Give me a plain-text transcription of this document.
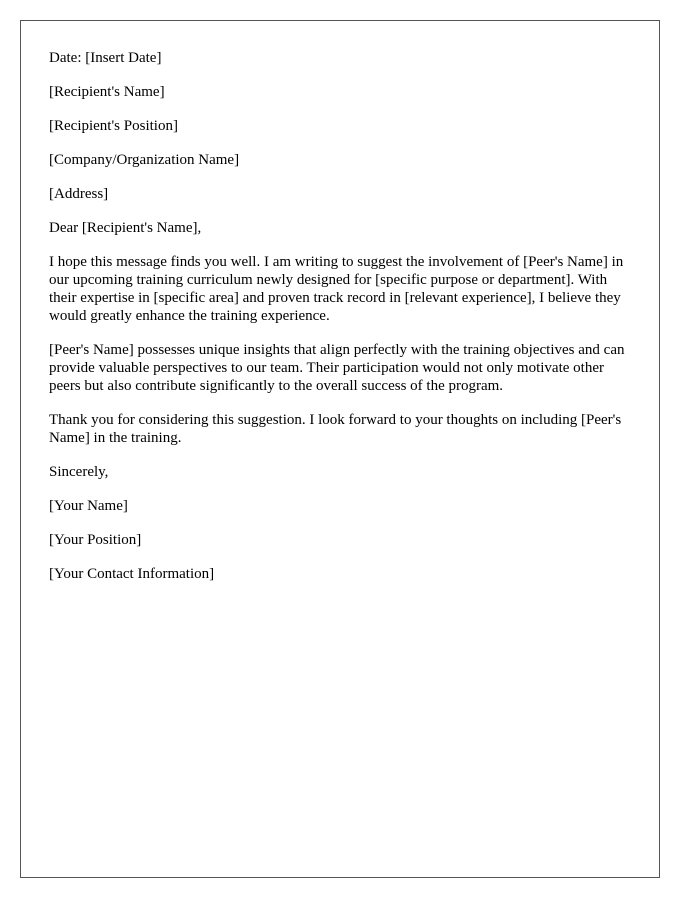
Date: [Insert Date]

[Recipient's Name]

[Recipient's Position]

[Company/Organization Name]

[Address]

Dear [Recipient's Name],

I hope this message finds you well. I am writing to suggest the involvement of [Peer's Name] in our upcoming training curriculum newly designed for [specific purpose or department]. With their expertise in [specific area] and proven track record in [relevant experience], I believe they would greatly enhance the training experience.

[Peer's Name] possesses unique insights that align perfectly with the training objectives and can provide valuable perspectives to our team. Their participation would not only motivate other peers but also contribute significantly to the overall success of the program.

Thank you for considering this suggestion. I look forward to your thoughts on including [Peer's Name] in the training.

Sincerely,

[Your Name]

[Your Position]

[Your Contact Information]
